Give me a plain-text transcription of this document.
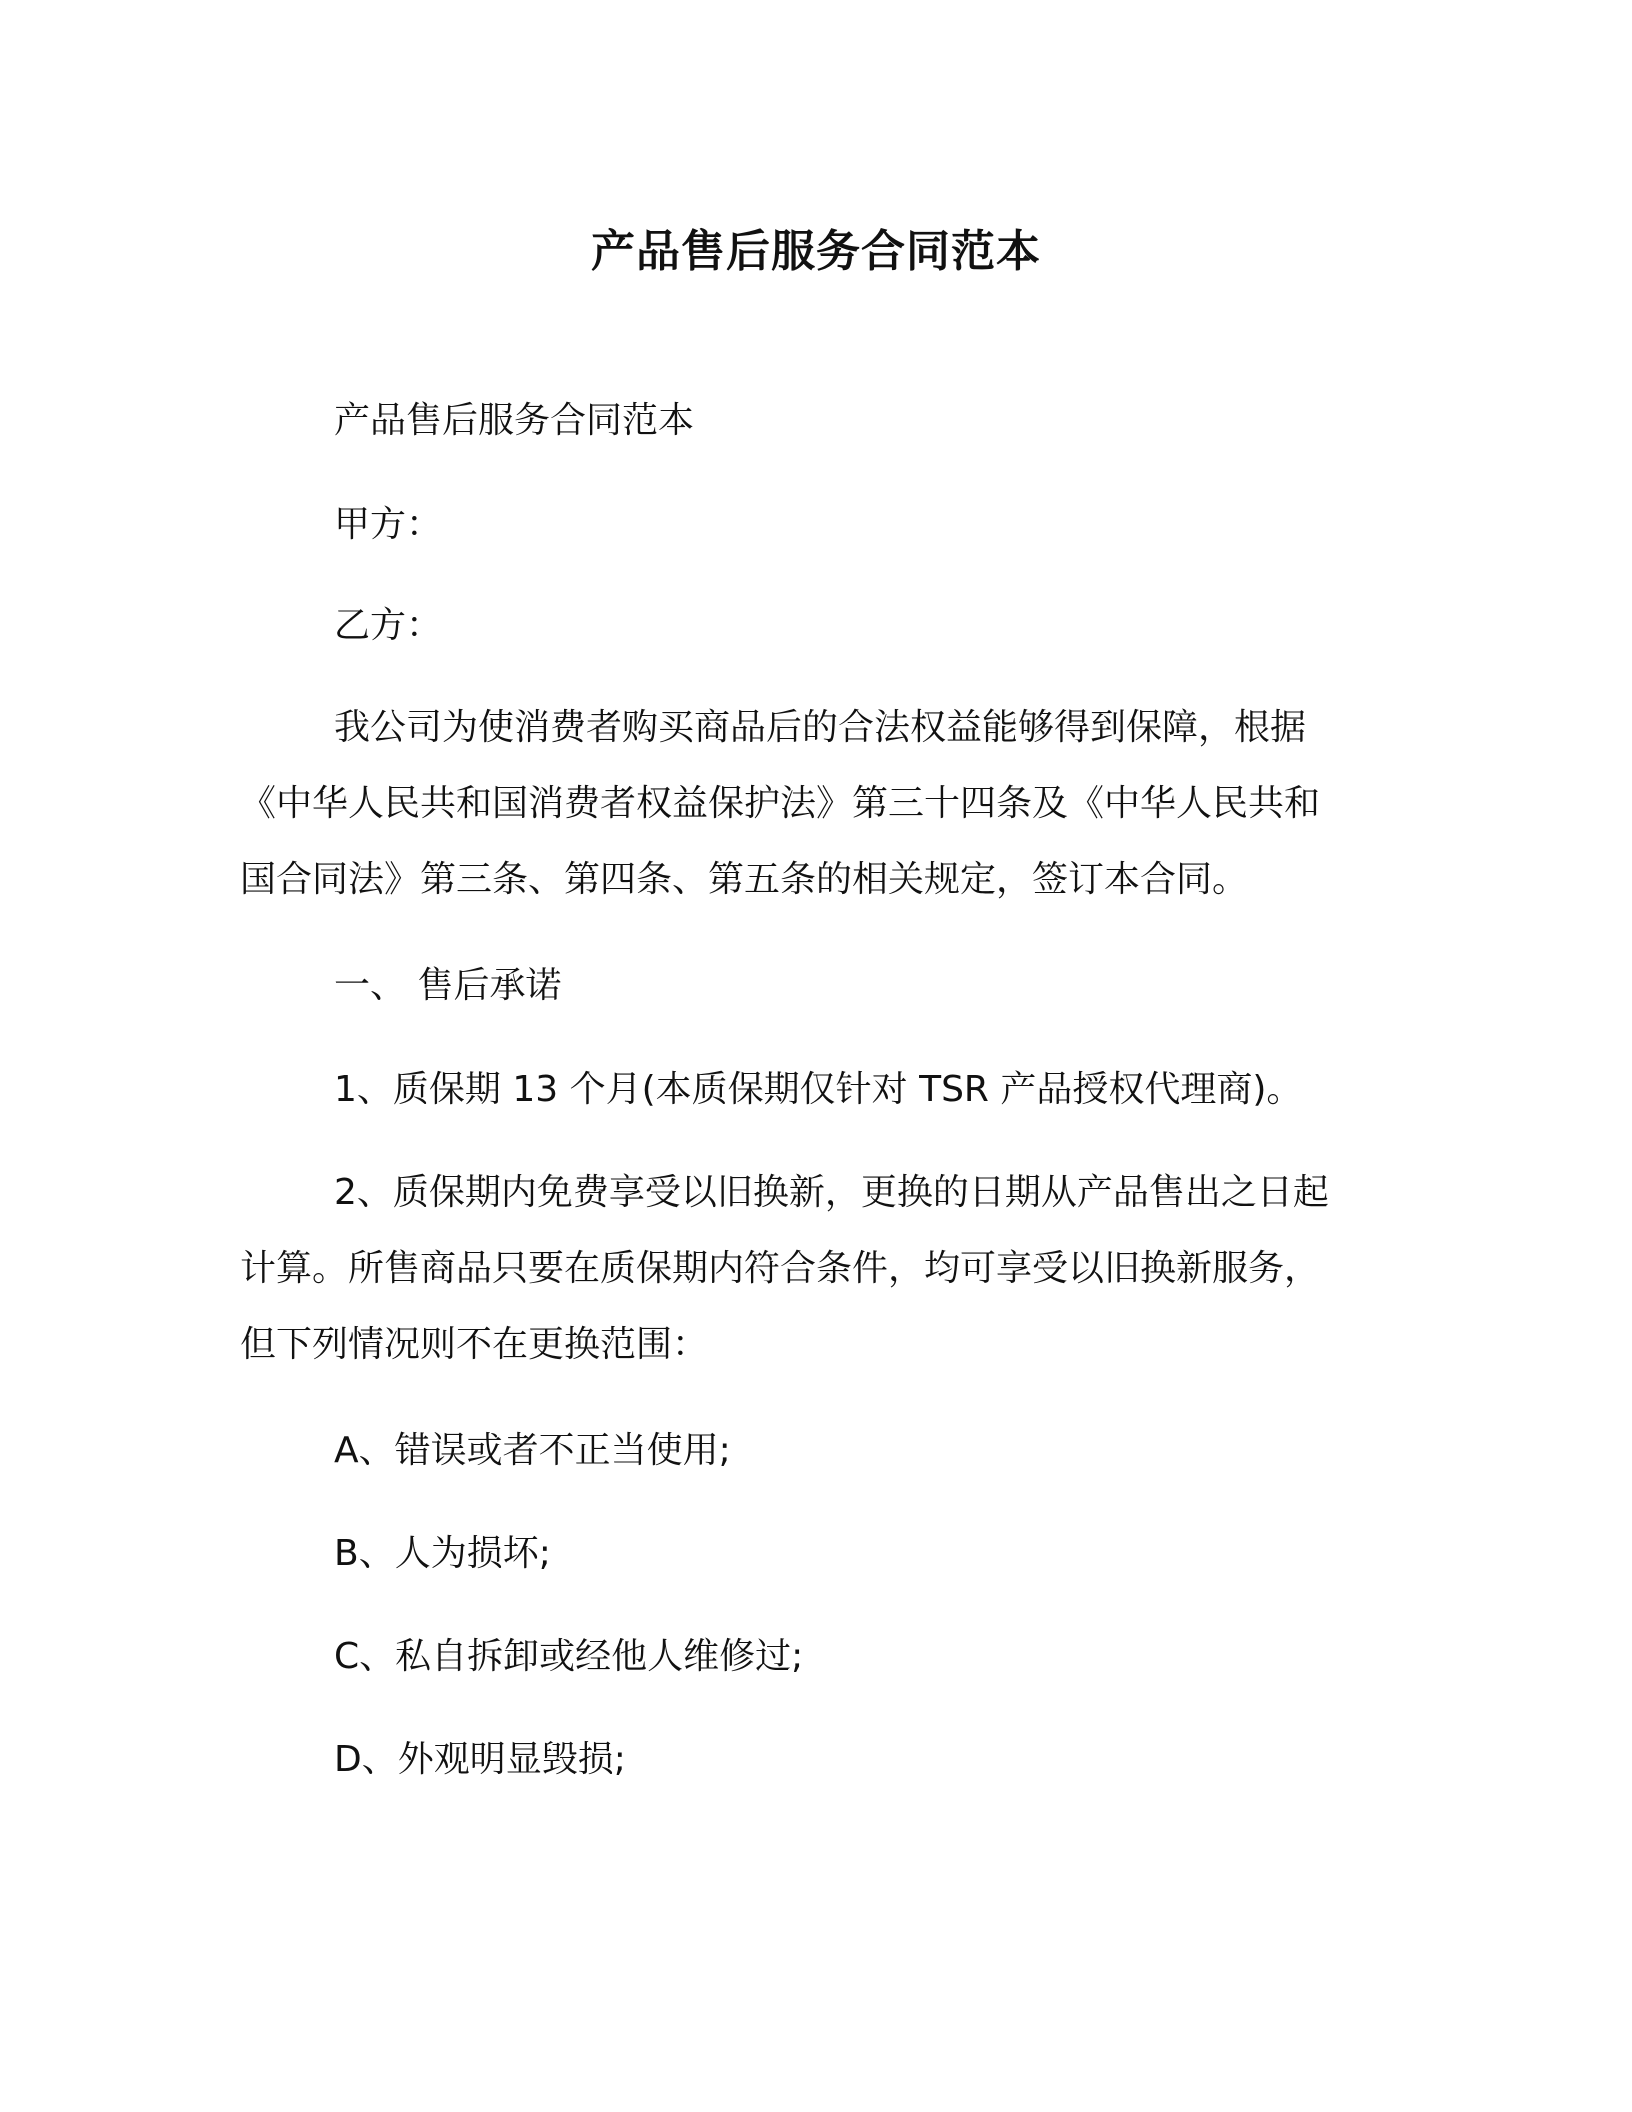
产品售后服务合同范本

产品售后服务合同范本

甲方：

乙方：

我公司为使消费者购买商品后的合法权益能够得到保障，根据
《中华人民共和国消费者权益保护法》第三十四条及《中华人民共和
国合同法》第三条、第四条、第五条的相关规定，签订本合同。

一、 售后承诺

1、质保期 13 个月(本质保期仅针对 TSR 产品授权代理商)。

2、质保期内免费享受以旧换新，更换的日期从产品售出之日起
计算。所售商品只要在质保期内符合条件，均可享受以旧换新服务，
但下列情况则不在更换范围：

A、错误或者不正当使用;

B、人为损坏;

C、私自拆卸或经他人维修过;

D、外观明显毁损;
